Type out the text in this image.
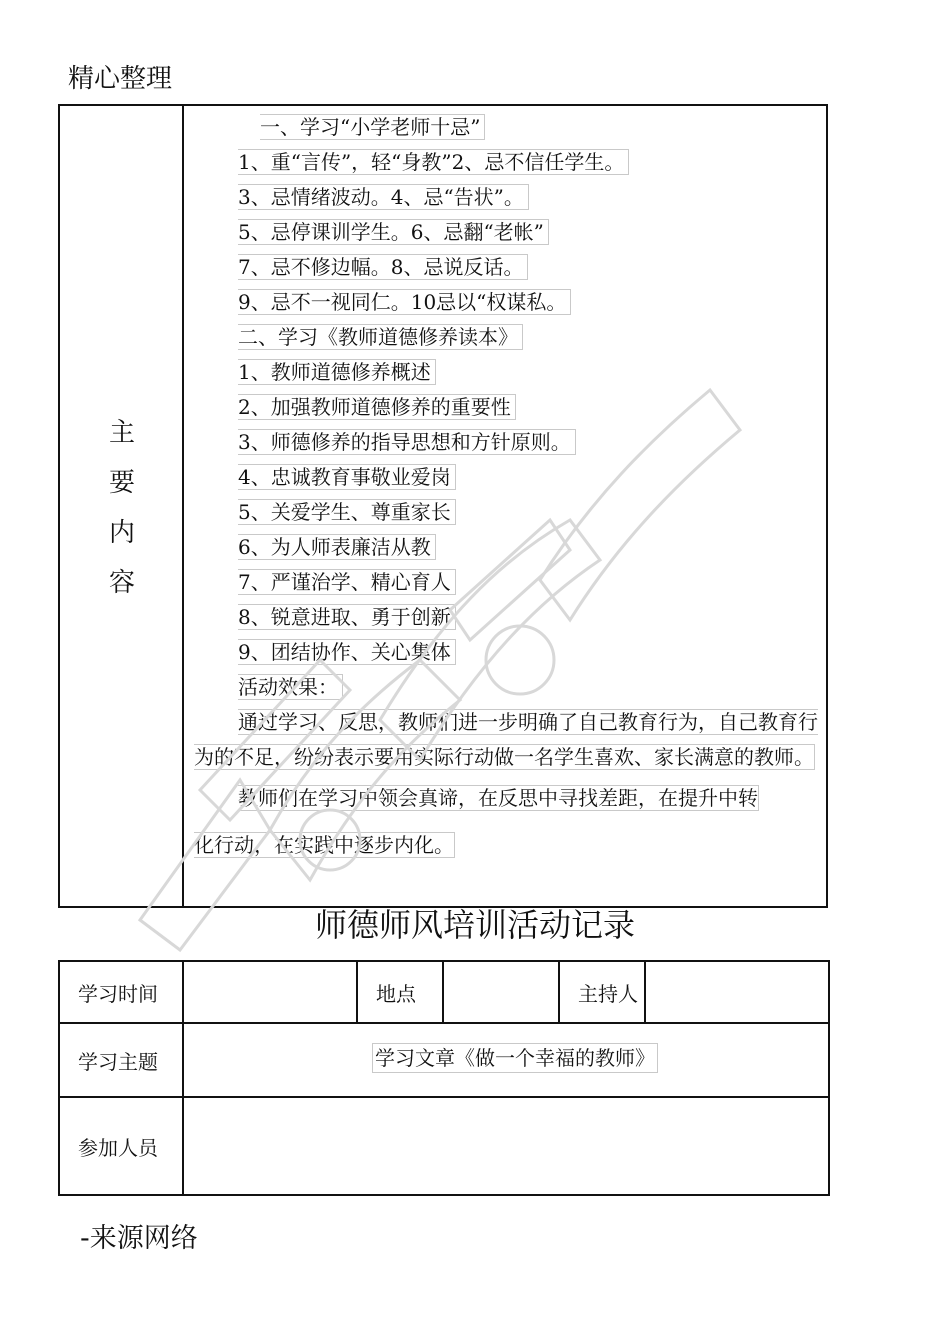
精心整理
主
要
内
容
一、学习“小学老师十忌”
1、重“言传”，轻“身教”2、忌不信任学生。
3、忌情绪波动。4、忌“告状”。
5、忌停课训学生。6、忌翻“老帐”
7、忌不修边幅。8、忌说反话。
9、忌不一视同仁。10忌以“权谋私。
二、学习《教师道德修养读本》
1、教师道德修养概述
2、加强教师道德修养的重要性
3、师德修养的指导思想和方针原则。
4、忠诚教育事敬业爱岗
5、关爱学生、尊重家长
6、为人师表廉洁从教
7、严谨治学、精心育人
8、锐意进取、勇于创新
9、团结协作、关心集体
活动效果：
通过学习、反思，教师们进一步明确了自己教育行为，自己教育行为的不足，纷纷表示要用实际行动做一名学生喜欢、家长满意的教师。
教师们在学习中领会真谛，在反思中寻找差距，在提升中转
化行动，在实践中逐步内化。
师德师风培训活动记录
学习时间		地点		主持人	
学习主题	学习文章《做一个幸福的教师》				
参加人员					
-来源网络
